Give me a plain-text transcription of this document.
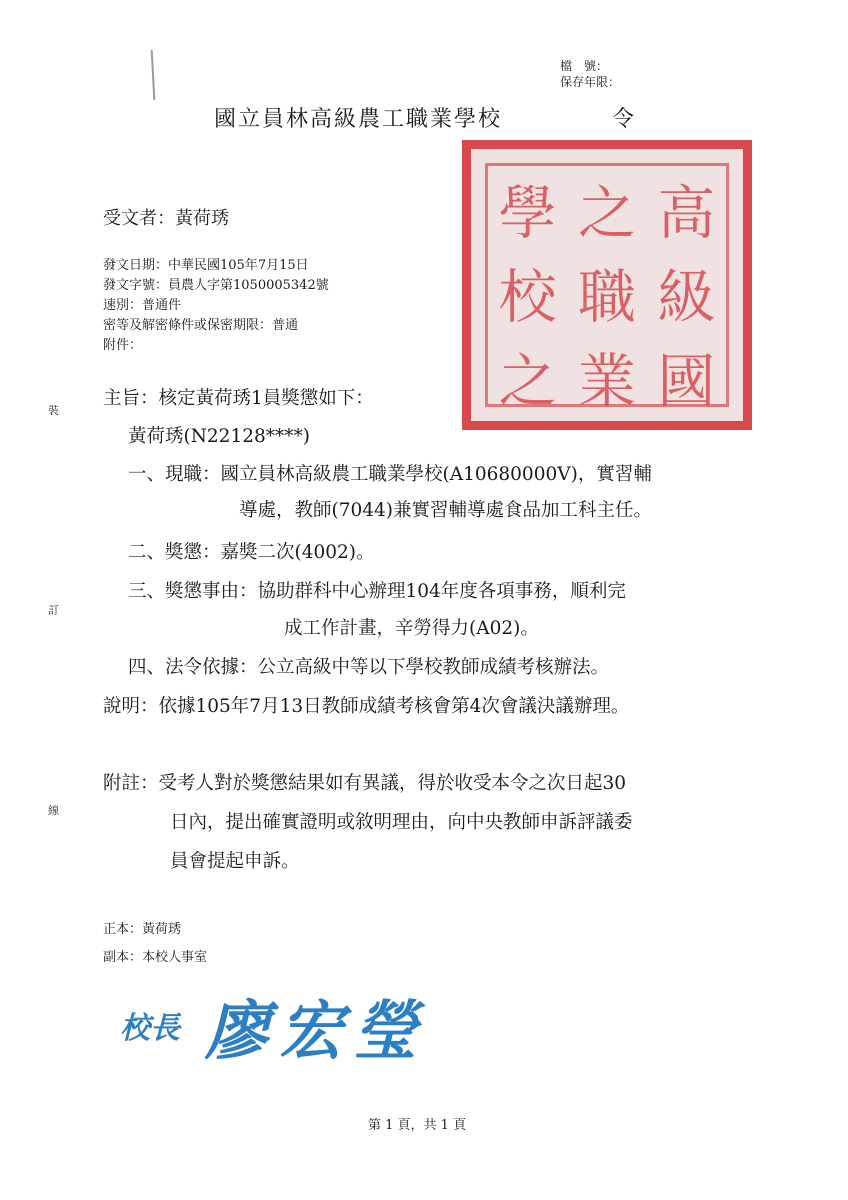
檔　號：
保存年限：
國立員林高級農工職業學校	令
學 之 高
校 職 級
之 業 國
受文者：黃荷琇
發文日期：中華民國105年7月15日
發文字號：員農人字第1050005342號
速別：普通件
密等及解密條件或保密期限：普通
附件：
主旨：核定黃荷琇1員獎懲如下：
黃荷琇(N22128****)
一、現職：國立員林高級農工職業學校(A10680000V)，實習輔
導處，教師(7044)兼實習輔導處食品加工科主任。
二、獎懲：嘉獎二次(4002)。
三、獎懲事由：協助群科中心辦理104年度各項事務，順利完
成工作計畫，辛勞得力(A02)。
四、法令依據：公立高級中等以下學校教師成績考核辦法。
說明：依據105年7月13日教師成績考核會第4次會議決議辦理。
附註：受考人對於獎懲結果如有異議，得於收受本令之次日起30
日內，提出確實證明或敘明理由，向中央教師申訴評議委
員會提起申訴。
正本：黃荷琇
副本：本校人事室
校長 廖宏瑩
裝
訂
線
第 1 頁，共 1 頁
